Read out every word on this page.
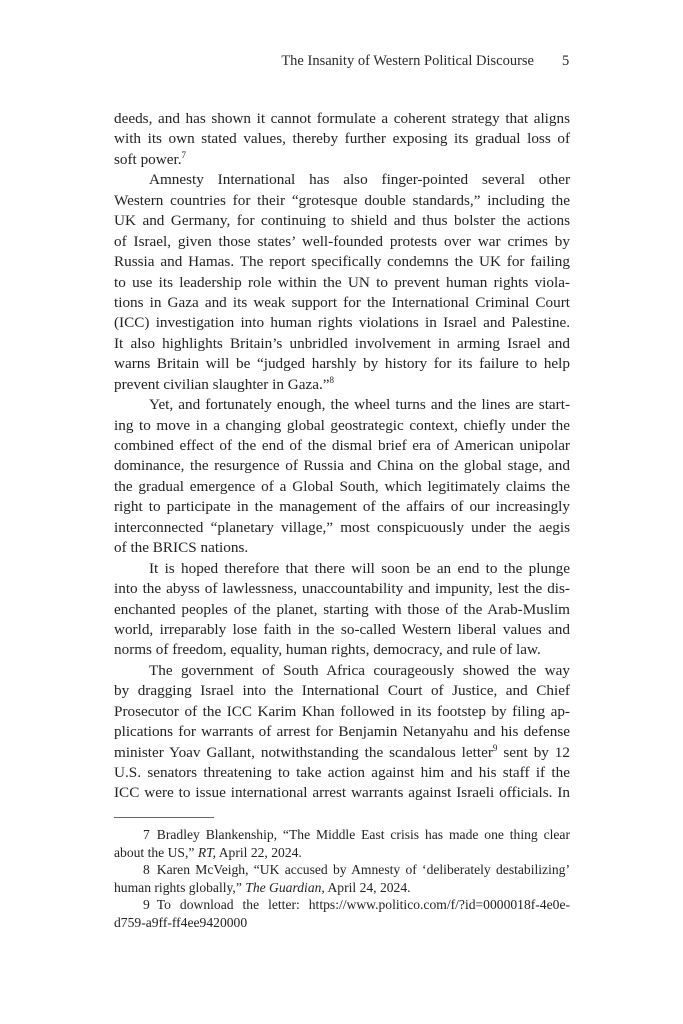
The Insanity of Western Political Discourse 5
deeds, and has shown it cannot formulate a coherent strategy that aligns
with its own stated values, thereby further exposing its gradual loss of
soft power.$^7$
Amnesty International has also finger-pointed several other
Western countries for their “grotesque double standards,” including the
UK and Germany, for continuing to shield and thus bolster the actions
of Israel, given those states’ well-founded protests over war crimes by
Russia and Hamas. The report specifically condemns the UK for failing
to use its leadership role within the UN to prevent human rights viola-
tions in Gaza and its weak support for the International Criminal Court
(ICC) investigation into human rights violations in Israel and Palestine.
It also highlights Britain’s unbridled involvement in arming Israel and
warns Britain will be “judged harshly by history for its failure to help
prevent civilian slaughter in Gaza.”$^8$
Yet, and fortunately enough, the wheel turns and the lines are start-
ing to move in a changing global geostrategic context, chiefly under the
combined effect of the end of the dismal brief era of American unipolar
dominance, the resurgence of Russia and China on the global stage, and
the gradual emergence of a Global South, which legitimately claims the
right to participate in the management of the affairs of our increasingly
interconnected “planetary village,” most conspicuously under the aegis
of the BRICS nations.
It is hoped therefore that there will soon be an end to the plunge
into the abyss of lawlessness, unaccountability and impunity, lest the dis-
enchanted peoples of the planet, starting with those of the Arab-Muslim
world, irreparably lose faith in the so-called Western liberal values and
norms of freedom, equality, human rights, democracy, and rule of law.
The government of South Africa courageously showed the way
by dragging Israel into the International Court of Justice, and Chief
Prosecutor of the ICC Karim Khan followed in its footstep by filing ap-
plications for warrants of arrest for Benjamin Netanyahu and his defense
minister Yoav Gallant, notwithstanding the scandalous letter$^9$ sent by 12
U.S. senators threatening to take action against him and his staff if the
ICC were to issue international arrest warrants against Israeli officials. In
7 Bradley Blankenship, “The Middle East crisis has made one thing clear
about the US,” RT, April 22, 2024.
8 Karen McVeigh, “UK accused by Amnesty of ‘deliberately destabilizing’
human rights globally,” The Guardian, April 24, 2024.
9 To download the letter: https://www.politico.com/f/?id=0000018f-4e0e-
d759-a9ff-ff4ee9420000
